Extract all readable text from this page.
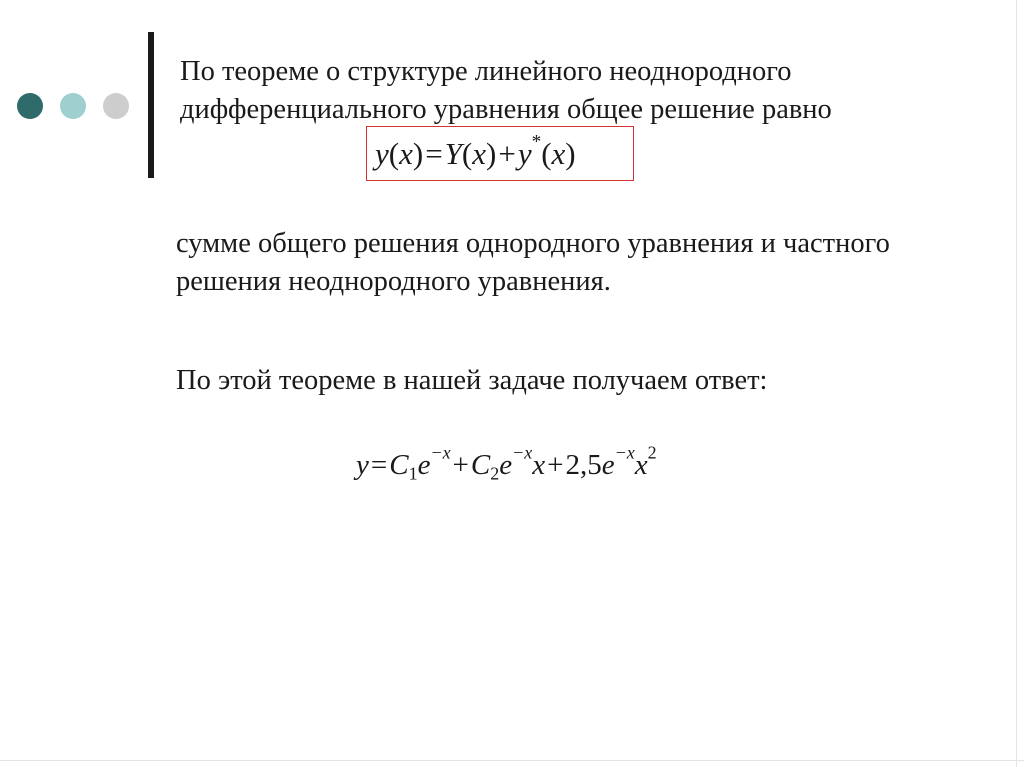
По теореме о структуре линейного неоднородного дифференциального уравнения общее решение равно

y(x)=Y(x)+y*(x)

сумме общего решения однородного уравнения и частного решения неоднородного уравнения.

По этой теореме в нашей задаче получаем ответ:

$y=C_1e^{-x}+C_2e^{-x}x+2,5e^{-x}x^2$
